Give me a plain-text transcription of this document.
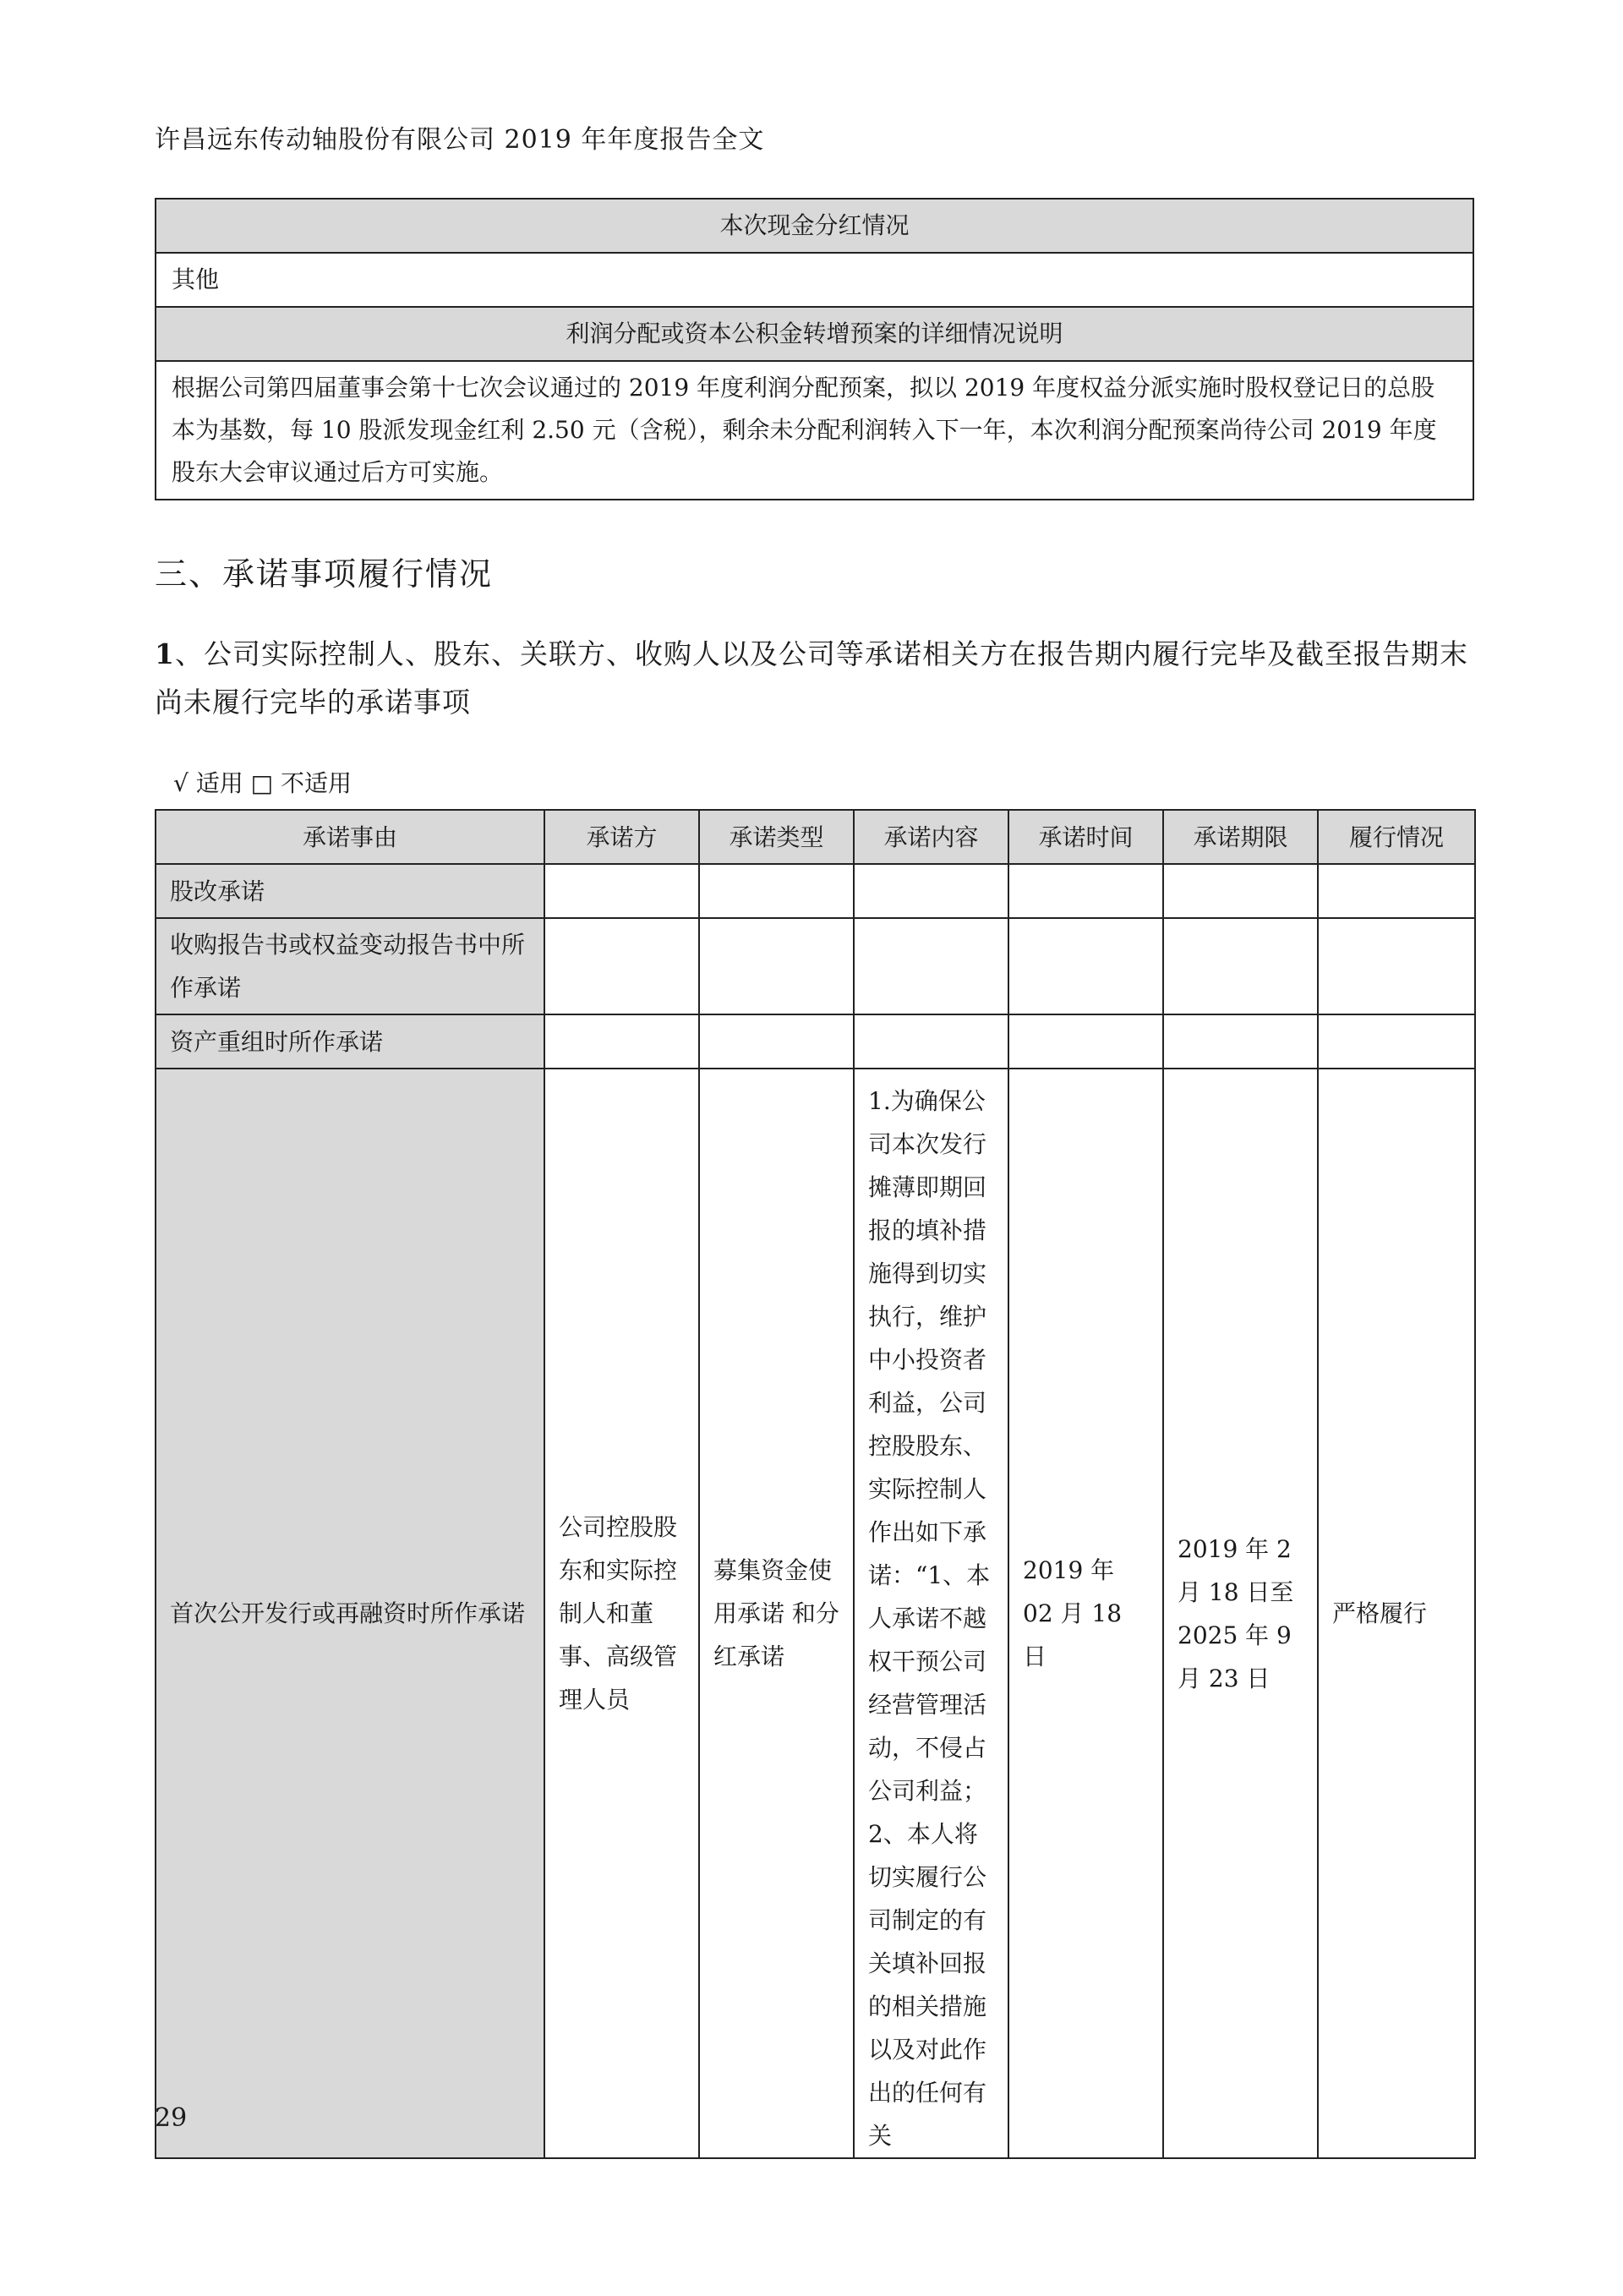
许昌远东传动轴股份有限公司 2019 年年度报告全文
本次现金分红情况
其他
利润分配或资本公积金转增预案的详细情况说明
根据公司第四届董事会第十七次会议通过的 2019 年度利润分配预案，拟以 2019 年度权益分派实施时股权登记日的总股本为基数，每 10 股派发现金红利 2.50 元（含税），剩余未分配利润转入下一年，本次利润分配预案尚待公司 2019 年度股东大会审议通过后方可实施。
三、承诺事项履行情况
1、公司实际控制人、股东、关联方、收购人以及公司等承诺相关方在报告期内履行完毕及截至报告期末尚未履行完毕的承诺事项
√ 适用 □ 不适用
承诺事由	承诺方	承诺类型	承诺内容	承诺时间	承诺期限	履行情况
股改承诺						
收购报告书或权益变动报告书中所作承诺						
资产重组时所作承诺						
首次公开发行或再融资时所作承诺	公司控股股东和实际控制人和董事、高级管理人员	募集资金使用承诺 和分红承诺	1.为确保公司本次发行摊薄即期回报的填补措施得到切实执行，维护中小投资者利益，公司控股股东、实际控制人作出如下承诺：“1、本人承诺不越权干预公司经营管理活动，不侵占公司利益；2、本人将切实履行公司制定的有关填补回报的相关措施以及对此作出的任何有关	2019 年 02 月 18 日	2019 年 2 月 18 日至 2025 年 9 月 23 日	严格履行
29
